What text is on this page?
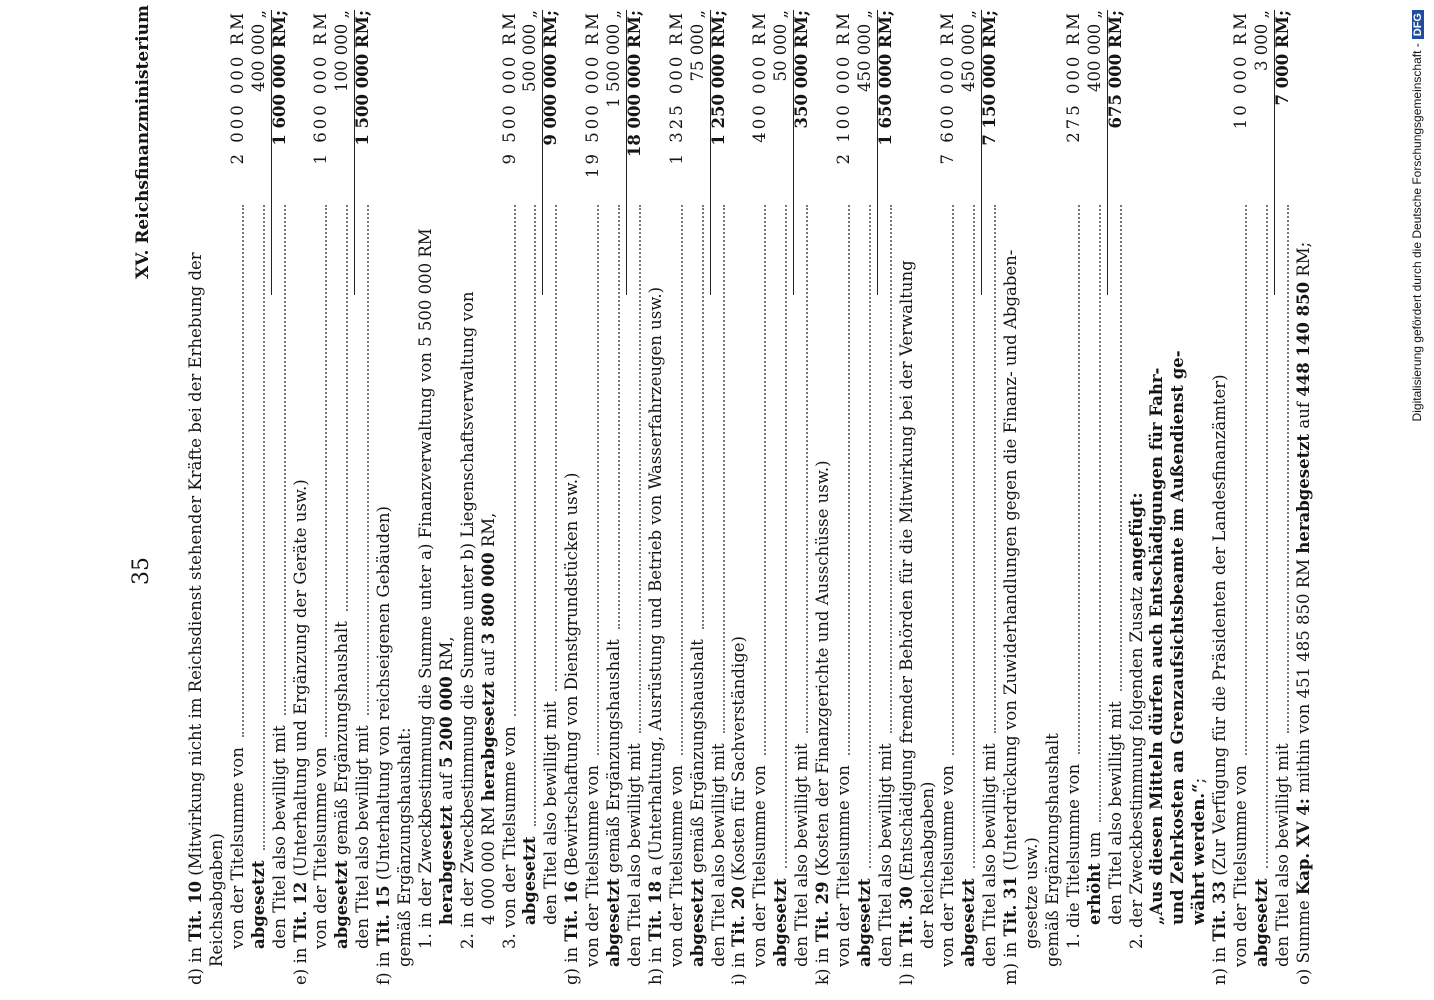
35
XV. Reichsfinanzministerium
d) in Tit. 10 (Mitwirkung nicht im Reichsdienst stehender Kräfte bei der Erhebung der
Reichsabgaben) von der Titelsumme von
2 000 000 RM
abgesetzt
400 000 „
den Titel also bewilligt mit
1 600 000 RM;
e) in Tit. 12 (Unterhaltung und Ergänzung der Geräte usw.) von der Titelsumme von
1 600 000 RM
abgesetzt gemäß Ergänzungshaushalt
100 000 „
den Titel also bewilligt mit
1 500 000 RM;
f) in Tit. 15 (Unterhaltung von reichseigenen Gebäuden) gemäß Ergänzungshaushalt: 1. in der Zweckbestimmung die Summe unter a) Finanzverwaltung von 5 500 000 RM herabgesetzt auf 5 200 000 RM, 2. in der Zweckbestimmung die Summe unter b) Liegenschaftsverwaltung von 4 000 000 RM herabgesetzt auf 3 800 000 RM,
3. von der Titelsumme von
9 500 000 RM
abgesetzt
500 000 „
den Titel also bewilligt mit
9 000 000 RM;
g) in Tit. 16 (Bewirtschaftung von Dienstgrundstücken usw.) von der Titelsumme von
19 500 000 RM
abgesetzt gemäß Ergänzungshaushalt
1 500 000 „
den Titel also bewilligt mit
18 000 000 RM;
h) in Tit. 18 a (Unterhaltung, Ausrüstung und Betrieb von Wasserfahrzeugen usw.) von der Titelsumme von
1 325 000 RM
abgesetzt gemäß Ergänzungshaushalt
75 000 „
den Titel also bewilligt mit
1 250 000 RM;
i) in Tit. 20 (Kosten für Sachverständige) von der Titelsumme von
400 000 RM
abgesetzt
50 000 „
den Titel also bewilligt mit
350 000 RM;
k) in Tit. 29 (Kosten der Finanzgerichte und Ausschüsse usw.) von der Titelsumme von
2 100 000 RM
abgesetzt
450 000 „
den Titel also bewilligt mit
1 650 000 RM;
l) in Tit. 30 (Entschädigung fremder Behörden für die Mitwirkung bei der Verwaltung der Reichsabgaben) von der Titelsumme von
7 600 000 RM
abgesetzt
450 000 „
den Titel also bewilligt mit
7 150 000 RM;
m) in Tit. 31 (Unterdrückung von Zuwiderhandlungen gegen die Finanz- und Abgaben-
gesetze usw.) gemäß Ergänzungshaushalt 1. die Titelsumme von
275 000 RM
erhöht um
400 000 „
den Titel also bewilligt mit
675 000 RM;
2. der Zweckbestimmung folgenden Zusatz angefügt: „Aus diesen Mitteln dürfen auch Entschädigungen für Fahr- und Zehrkosten an Grenzaufsichtsbeamte im Außendienst ge- währt werden.“;
n) in Tit. 33 (Zur Verfügung für die Präsidenten der Landesfinanzämter) von der Titelsumme von
10 000 RM
abgesetzt
3 000 „
den Titel also bewilligt mit
7 000 RM;
o) Summe Kap. XV 4: mithin von 451 485 850 RM herabgesetzt auf 448 140 850 RM;	Digitalisierung gefördert durch die Deutsche Forschungsgemeinschaft -DFG
